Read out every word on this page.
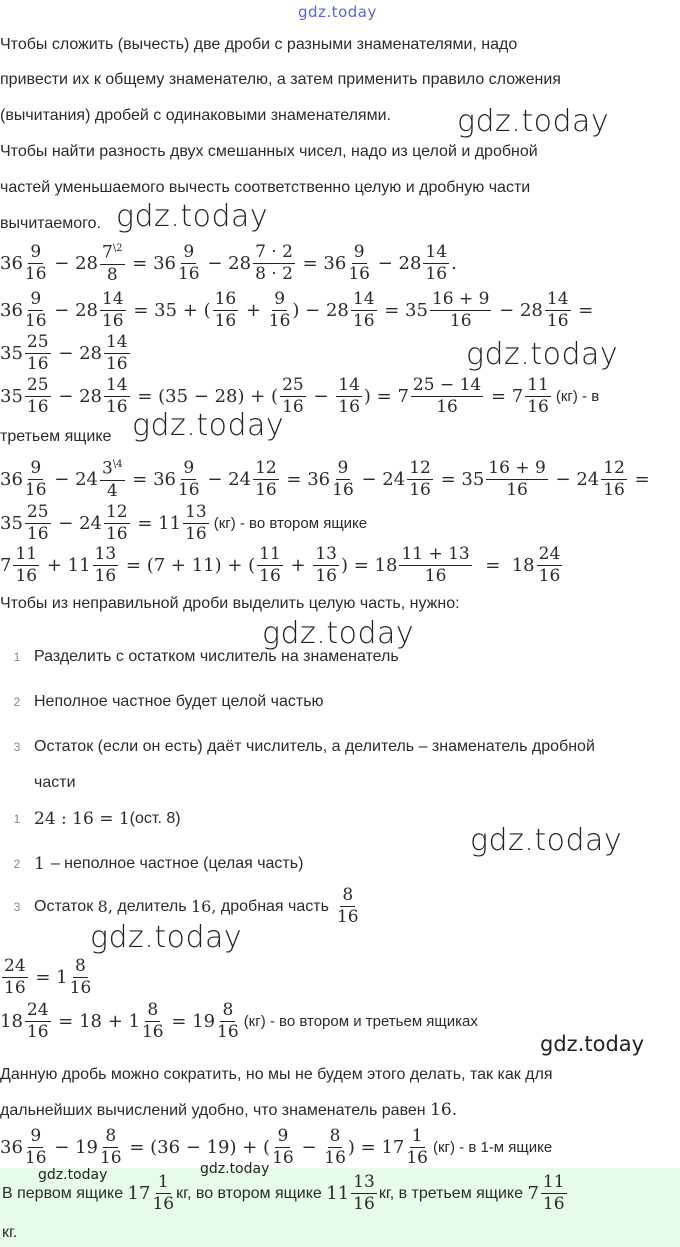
gdz.today
gdz.today
gdz.today
gdz.today
gdz.today
gdz.today
gdz.today
gdz.today
gdz.today
Чтобы сложить (вычесть) две дроби с разными знаменателями, надо
привести их к общему знаменателю, а затем применить правило сложения
(вычитания) дробей с одинаковыми знаменателями.
Чтобы найти разность двух смешанных чисел, надо из целой и дробной
частей уменьшаемого вычесть соответственно целую и дробную части
вычитаемого.
36
9
16 − 28
$7^{\backslash 2}$
8
= 36
9
16 − 28
7 · 2
8 · 2 = 36
9
16 − 28
14
16 .
36
9
16 − 28
14
16 = 35 + (
16
16 +
9
16 ) − 28
14
16 = 35
16 + 9
16 − 28
14
16 =
35
25
16 − 28
14
16
35
25
16 − 28
14
16 = (35 − 28) + (
25
16 −
14
16 ) = 7
25 − 14
16 = 7
11
16
(кг) - в
третьем ящике
36
9
16 − 24
$3^{\backslash 4}$
4
= 36
9
16 − 24
12
16 = 36
9
16 − 24
12
16 = 35
16 + 9
16 − 24
12
16 =
35
25
16 − 24
12
16 = 11
13
16
(кг) - во втором ящике
7
11
16 + 11
13
16 = (7 + 11) + (
11
16 +
13
16 ) = 18
11 + 13
16 =  18
24
16
Чтобы из неправильной дроби выделить целую часть, нужно:
1 Разделить с остатком числитель на знаменатель
2 Неполное частное будет целой частью
3 Остаток (если он есть) даёт числитель, а делитель – знаменатель дробной
части
1 24 : 16 = 1 (ост. 8)
2 1 – неполное частное (целая часть)
3 Остаток
8,
делитель
16,
дробная часть
8
16
24
16 = 1
8
16
18
24
16 = 18 + 1
8
16 = 19
8
16
(кг) - во втором и третьем ящиках
Данную дробь можно сократить, но мы не будем этого делать, так как для
дальнейших вычислений удобно, что знаменатель равен 16.
36
9
16 − 19
8
16 = (36 − 19) + (
9
16 −
8
16 ) = 17
1
16
(кг) - в 1-м ящике
В первом ящике
17
1
16
кг, во втором ящике
11
13
16
кг, в третьем ящике
7
11
16
кг.
gdz.today	gdz.today
